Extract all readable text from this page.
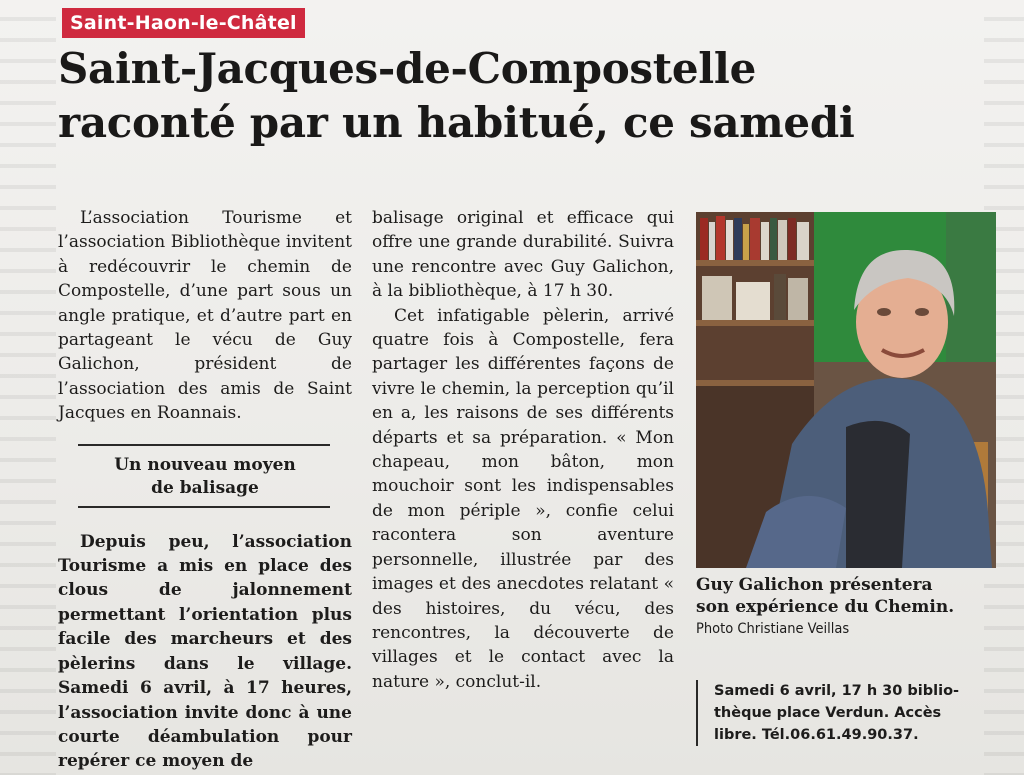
Saint-Haon-le-Châtel
Saint-Jacques-de-Compostelle
raconté par un habitué, ce samedi

L’association Tourisme et l’association Bibliothèque invitent à redécouvrir le chemin de Compostelle, d’une part sous un angle pratique, et d’autre part en partageant le vécu de Guy Galichon, président de l’association des amis de Saint Jacques en Roannais.

Un nouveau moyen
de balisage

Depuis peu, l’association Tourisme a mis en place des clous de jalonnement permettant l’orientation plus facile des marcheurs et des pèlerins dans le village. Samedi 6 avril, à 17 heures, l’association invite donc à une courte déambulation pour repérer ce moyen de

balisage original et efficace qui offre une grande durabilité. Suivra une rencontre avec Guy Galichon, à la bibliothèque, à 17 h 30.

Cet infatigable pèlerin, arrivé quatre fois à Compostelle, fera partager les différentes façons de vivre le chemin, la perception qu’il en a, les raisons de ses différents départs et sa préparation. « Mon chapeau, mon bâton, mon mouchoir sont les indispensables de mon périple », confie celui racontera son aventure personnelle, illustrée par des images et des anecdotes relatant « des histoires, du vécu, des rencontres, la découverte de villages et le contact avec la nature », conclut-il.

Guy Galichon présentera
son expérience du Chemin.
Photo Christiane Veillas
Samedi 6 avril, 17 h 30 biblio-
thèque place Verdun. Accès
libre. Tél.06.61.49.90.37.
